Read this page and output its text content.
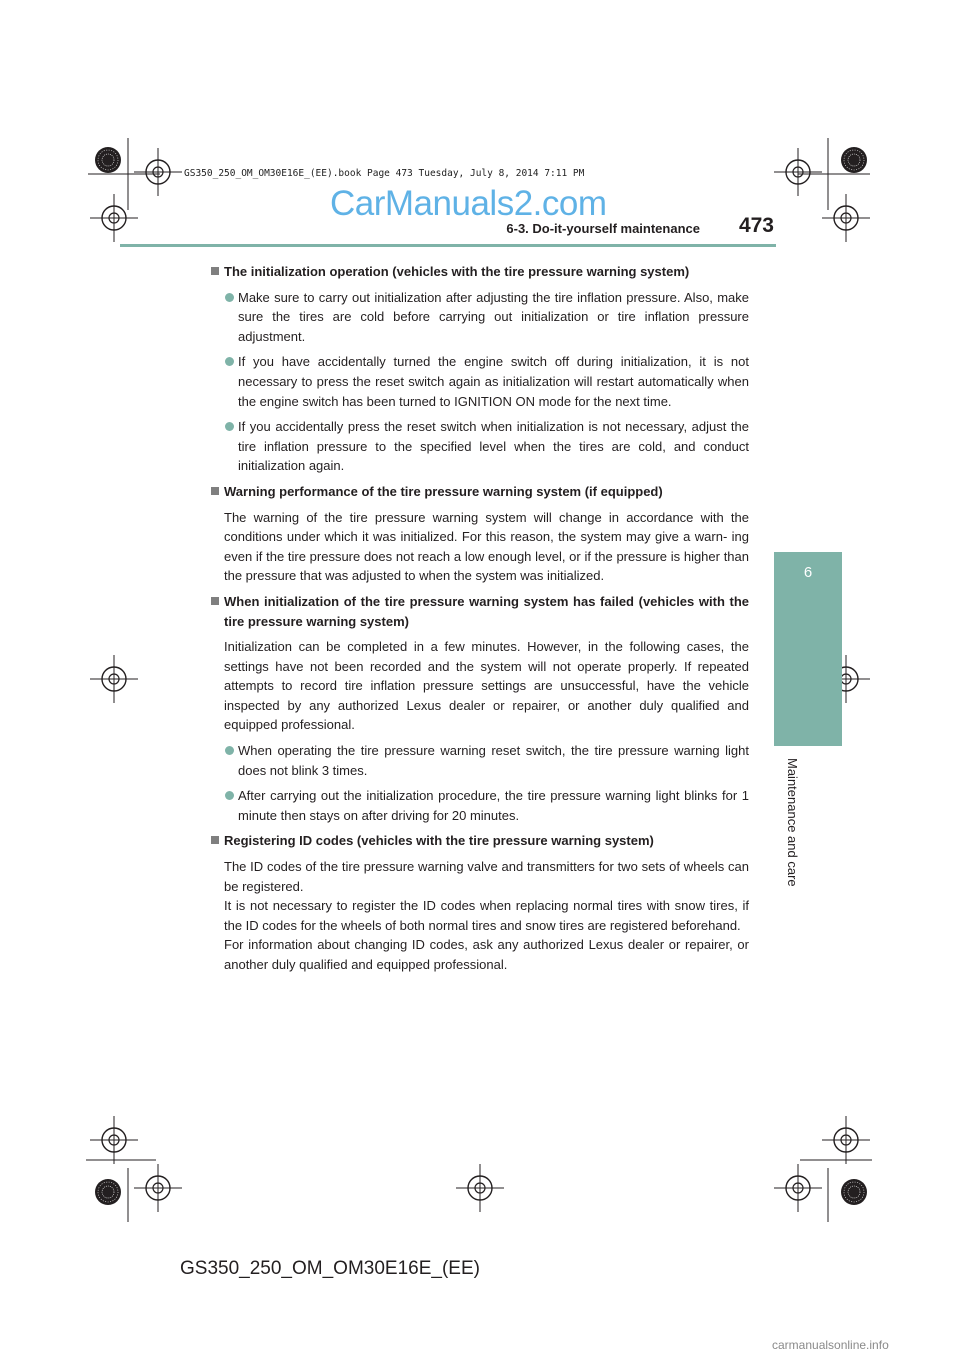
GS350_250_OM_OM30E16E_(EE).book Page 473 Tuesday, July 8, 2014 7:11 PM
CarManuals2.com
6-3. Do-it-yourself maintenance	473
6
Maintenance and care
The initialization operation (vehicles with the tire pressure warning system)
Make sure to carry out initialization after adjusting the tire inflation pressure. Also, make sure the tires are cold before carrying out initialization or tire inflation pressure adjustment.
If you have accidentally turned the engine switch off during initialization, it is not necessary to press the reset switch again as initialization will restart automatically when the engine switch has been turned to IGNITION ON mode for the next time.
If you accidentally press the reset switch when initialization is not necessary, adjust the tire inflation pressure to the specified level when the tires are cold, and conduct initialization again.
Warning performance of the tire pressure warning system (if equipped)
The warning of the tire pressure warning system will change in accordance with the conditions under which it was initialized. For this reason, the system may give a warn- ing even if the tire pressure does not reach a low enough level, or if the pressure is higher than the pressure that was adjusted to when the system was initialized.
When initialization of the tire pressure warning system has failed (vehicles with the tire pressure warning system)
Initialization can be completed in a few minutes. However, in the following cases, the settings have not been recorded and the system will not operate properly. If repeated attempts to record tire inflation pressure settings are unsuccessful, have the vehicle inspected by any authorized Lexus dealer or repairer, or another duly qualified and equipped professional.
When operating the tire pressure warning reset switch, the tire pressure warning light does not blink 3 times.
After carrying out the initialization procedure, the tire pressure warning light blinks for 1 minute then stays on after driving for 20 minutes.
Registering ID codes (vehicles with the tire pressure warning system)
The ID codes of the tire pressure warning valve and transmitters for two sets of wheels can be registered.
It is not necessary to register the ID codes when replacing normal tires with snow tires, if the ID codes for the wheels of both normal tires and snow tires are registered beforehand.
For information about changing ID codes, ask any authorized Lexus dealer or repairer, or another duly qualified and equipped professional.
GS350_250_OM_OM30E16E_(EE)
carmanualsonline.info
